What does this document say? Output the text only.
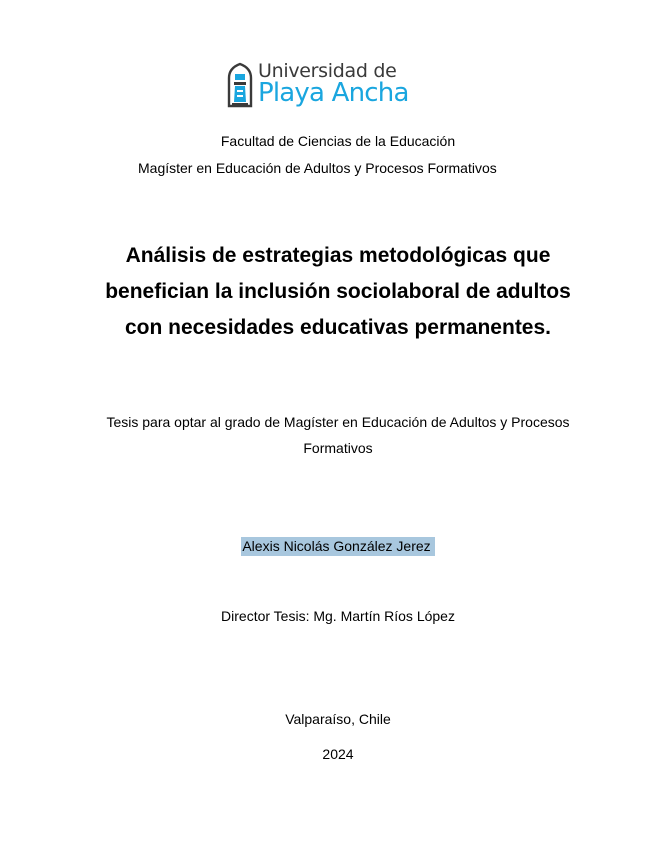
Universidad de
Playa Ancha
Facultad de Ciencias de la Educación
Magíster en Educación de Adultos y Procesos Formativos
Análisis de estrategias metodológicas que
benefician la inclusión sociolaboral de adultos
con necesidades educativas permanentes.
Tesis para optar al grado de Magíster en Educación de Adultos y Procesos
Formativos
Alexis Nicolás González Jerez
Director Tesis: Mg. Martín Ríos López
Valparaíso, Chile
2024
